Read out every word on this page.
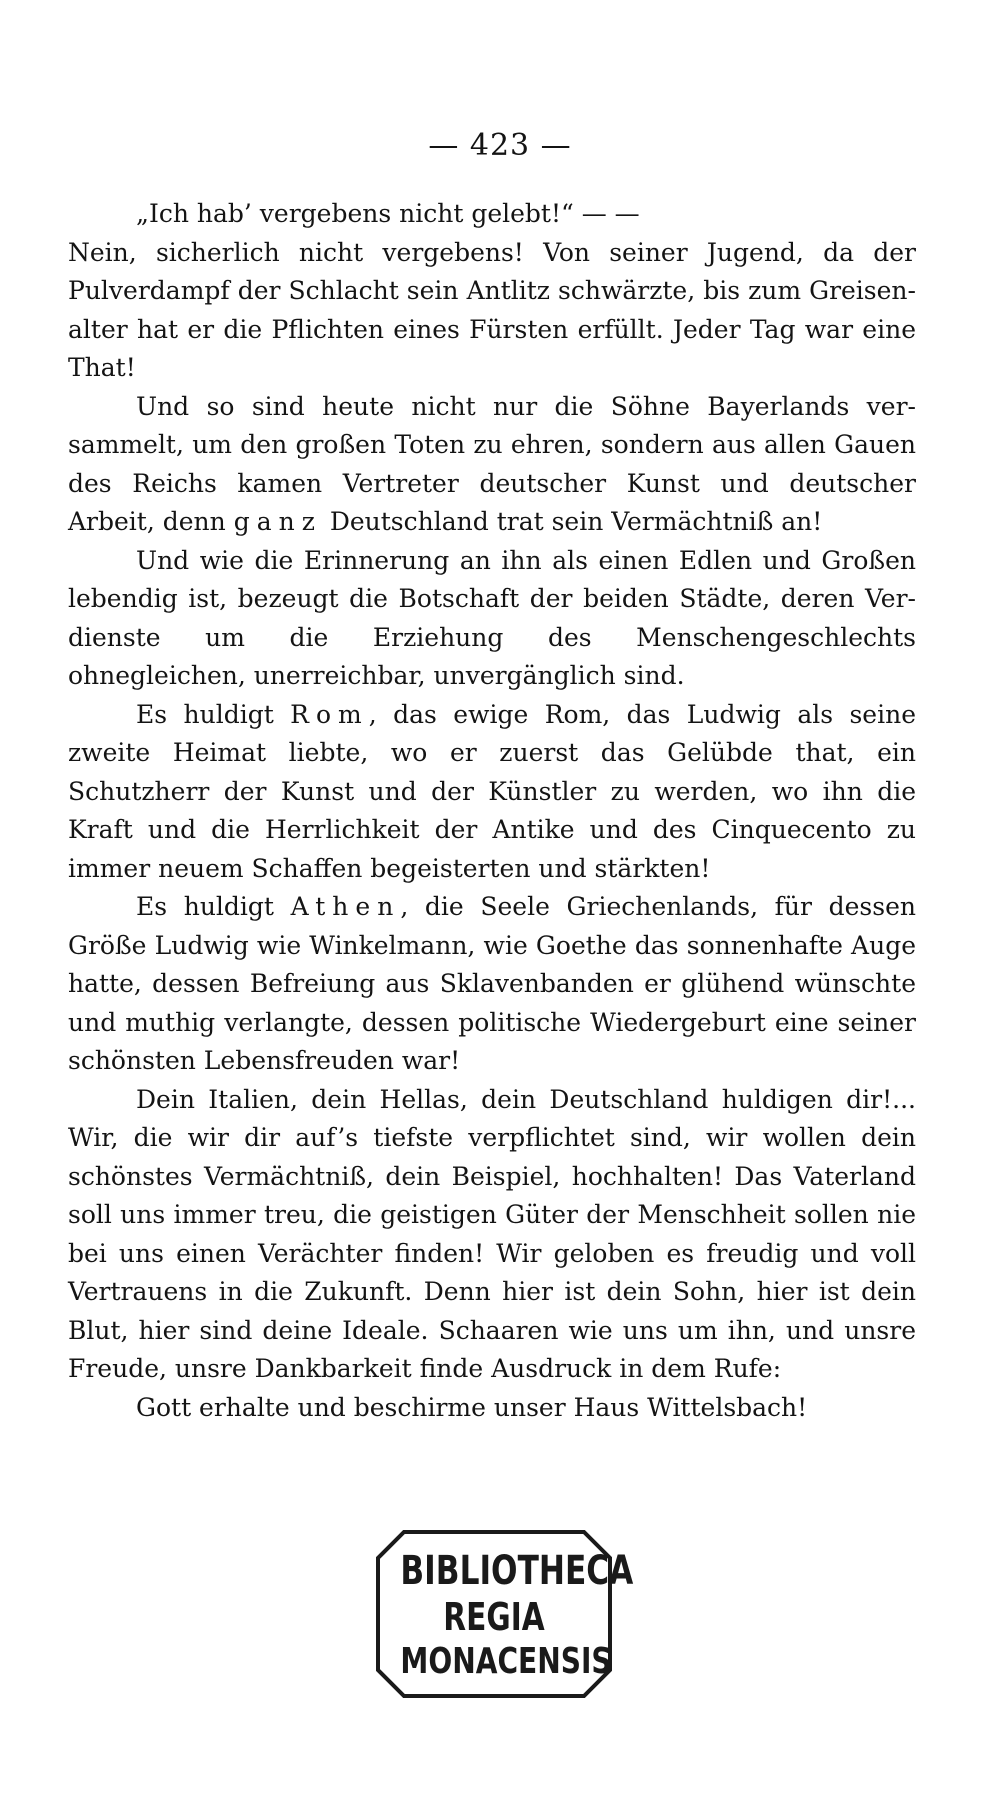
— 423 —

„Ich hab’ vergebens nicht gelebt!“ — —

Nein, sicherlich nicht vergebens! Von seiner Jugend, da der Pulverdampf der Schlacht sein Antlitz schwärzte, bis zum Greisenalter hat er die Pflichten eines Fürsten erfüllt. Jeder Tag war eine That!

Und so sind heute nicht nur die Söhne Bayerlands versammelt, um den großen Toten zu ehren, sondern aus allen Gauen des Reichs kamen Vertreter deutscher Kunst und deutscher Arbeit, denn ganz Deutschland trat sein Vermächtniß an!

Und wie die Erinnerung an ihn als einen Edlen und Großen lebendig ist, bezeugt die Botschaft der beiden Städte, deren Verdienste um die Erziehung des Menschengeschlechts ohnegleichen, unerreichbar, unvergänglich sind.

Es huldigt Rom, das ewige Rom, das Ludwig als seine zweite Heimat liebte, wo er zuerst das Gelübde that, ein Schutzherr der Kunst und der Künstler zu werden, wo ihn die Kraft und die Herrlichkeit der Antike und des Cinquecento zu immer neuem Schaffen begeisterten und stärkten!

Es huldigt Athen, die Seele Griechenlands, für dessen Größe Ludwig wie Winkelmann, wie Goethe das sonnenhafte Auge hatte, dessen Befreiung aus Sklavenbanden er glühend wünschte und muthig verlangte, dessen politische Wiedergeburt eine seiner schönsten Lebensfreuden war!

Dein Italien, dein Hellas, dein Deutschland huldigen dir!... Wir, die wir dir auf’s tiefste verpflichtet sind, wir wollen dein schönstes Vermächtniß, dein Beispiel, hochhalten! Das Vaterland soll uns immer treu, die geistigen Güter der Menschheit sollen nie bei uns einen Verächter finden! Wir geloben es freudig und voll Vertrauens in die Zukunft. Denn hier ist dein Sohn, hier ist dein Blut, hier sind deine Ideale. Schaaren wie uns um ihn, und unsre Freude, unsre Dankbarkeit finde Ausdruck in dem Rufe:

Gott erhalte und beschirme unser Haus Wittelsbach!

BIBLIOTHECA
REGIA
MONACENSIS
